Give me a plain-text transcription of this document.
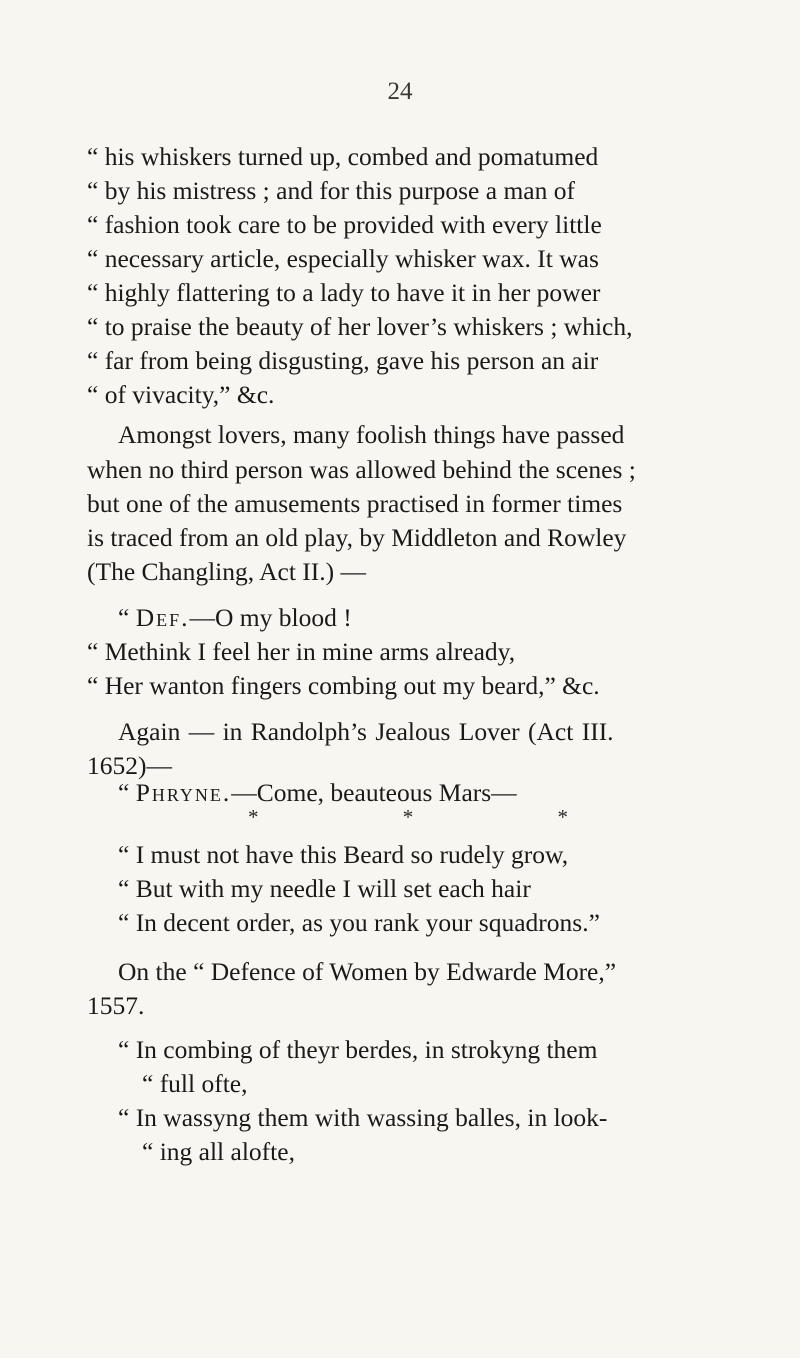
24
“ his whiskers turned up, combed and pomatumed
“ by his mistress ; and for this purpose a man of
“ fashion took care to be provided with every little
“ necessary article, especially whisker wax. It was
“ highly flattering to a lady to have it in her power
“ to praise the beauty of her lover’s whiskers ; which,
“ far from being disgusting, gave his person an air
“ of vivacity,” &c.
Amongst lovers, many foolish things have passed
when no third person was allowed behind the scenes ;
but one of the amusements practised in former times
is traced from an old play, by Middleton and Rowley
(The Changling, Act II.) —
“ Def.—O my blood !
“ Methink I feel her in mine arms already,
“ Her wanton fingers combing out my beard,” &c.
Again — in Randolph’s Jealous Lover (Act III.
1652)—
“ Phryne.—Come, beauteous Mars—
*	*	*
“ I must not have this Beard so rudely grow,
“ But with my needle I will set each hair
“ In decent order, as you rank your squadrons.”
On the “ Defence of Women by Edwarde More,”
1557.
“ In combing of theyr berdes, in strokyng them
“ full ofte,
“ In wassyng them with wassing balles, in look-
“ ing all alofte,
